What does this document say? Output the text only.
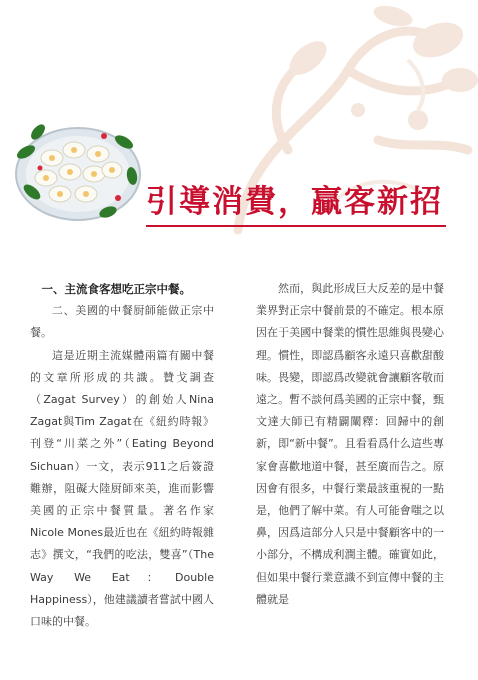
引導消費，贏客新招

一、主流食客想吃正宗中餐。

二、美國的中餐厨師能做正宗中餐。

這是近期主流媒體兩篇有關中餐的文章所形成的共識。贊戈調查（Zagat Survey）的創始人Nina Zagat與Tim Zagat在《紐約時報》刊登“川菜之外”（Eating Beyond Sichuan）一文，表示911之后簽證難辦，阻礙大陸厨師來美，進而影響美國的正宗中餐質量。著名作家Nicole Mones最近也在《紐約時報雜志》撰文，“我們的吃法，雙喜”（The Way We Eat：Double Happiness），他建議讀者嘗試中國人口味的中餐。

然而，與此形成巨大反差的是中餐業界對正宗中餐前景的不確定。根本原因在于美國中餐業的慣性思維與畏變心理。慣性，即認爲顧客永遠只喜歡甜酸味。畏變，即認爲改變就會讓顧客敬而遠之。暫不談何爲美國的正宗中餐，甄文達大師已有精闢闡釋：回歸中的創新，即“新中餐”。且看看爲什么這些專家會喜歡地道中餐，甚至廣而告之。原因會有很多，中餐行業最該重視的一點是，他們了解中菜。有人可能會嗤之以鼻，因爲這部分人只是中餐顧客中的一小部分，不構成利潤主體。確實如此，但如果中餐行業意識不到宣傳中餐的主體就是
